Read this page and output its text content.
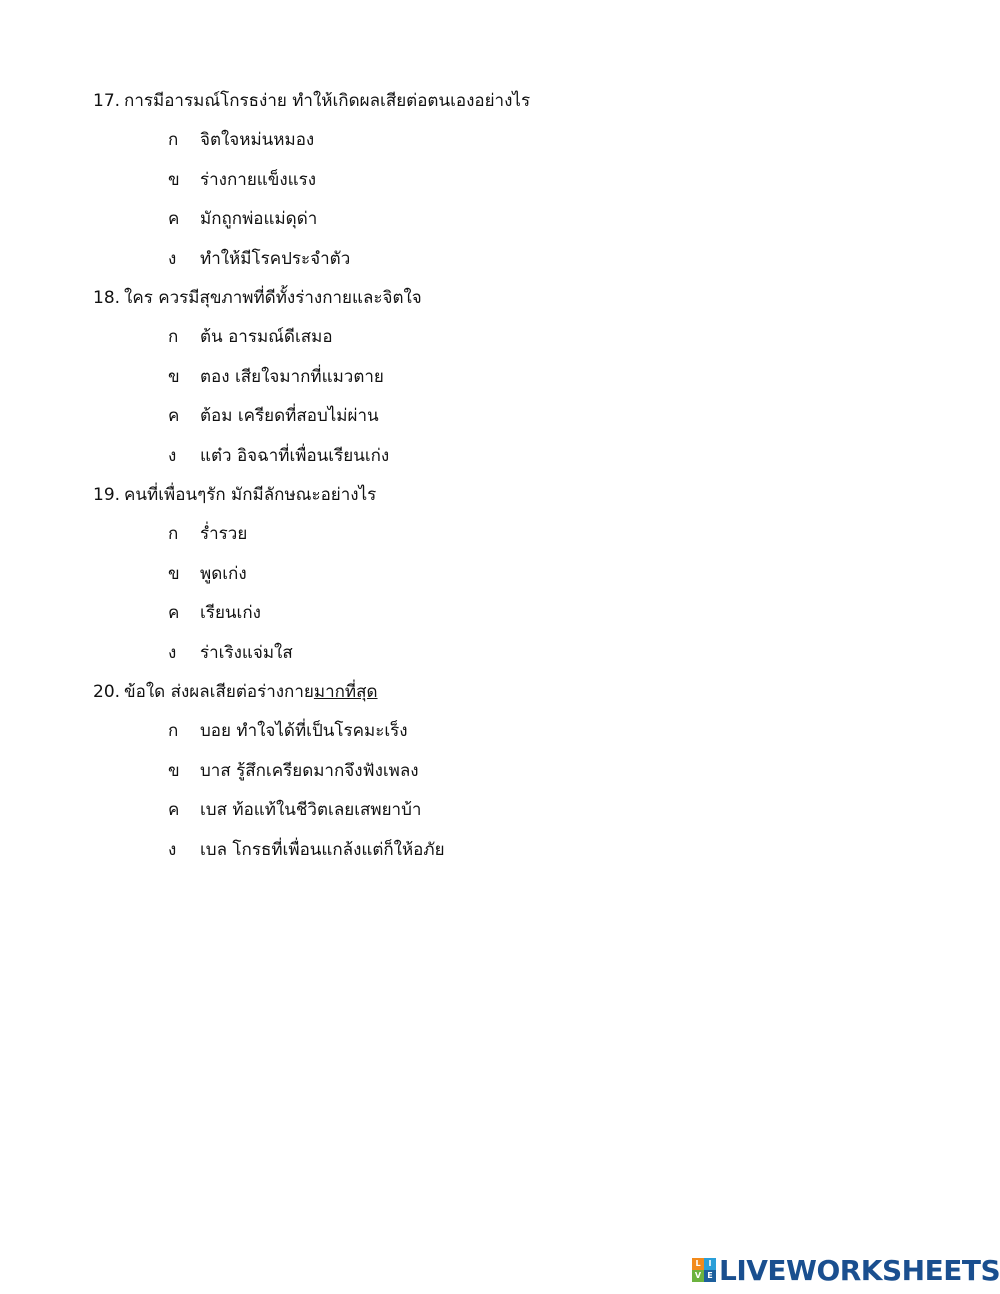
17. การมีอารมณ์โกรธง่าย ทำให้เกิดผลเสียต่อตนเองอย่างไร
ก จิตใจหม่นหมอง
ข ร่างกายแข็งแรง
ค มักถูกพ่อแม่ดุด่า
ง ทำให้มีโรคประจำตัว
18. ใคร ควรมีสุขภาพที่ดีทั้งร่างกายและจิตใจ
ก ต้น อารมณ์ดีเสมอ
ข ตอง เสียใจมากที่แมวตาย
ค ต้อม เครียดที่สอบไม่ผ่าน
ง แต๋ว อิจฉาที่เพื่อนเรียนเก่ง
19. คนที่เพื่อนๆรัก มักมีลักษณะอย่างไร
ก ร่ำรวย
ข พูดเก่ง
ค เรียนเก่ง
ง ร่าเริงแจ่มใส
20. ข้อใด ส่งผลเสียต่อร่างกายมากที่สุด
ก บอย ทำใจได้ที่เป็นโรคมะเร็ง
ข บาส รู้สึกเครียดมากจึงฟังเพลง
ค เบส ท้อแท้ในชีวิตเลยเสพยาบ้า
ง เบล โกรธที่เพื่อนแกล้งแต่ก็ให้อภัย
L I
V E LIVEWORKSHEETS
